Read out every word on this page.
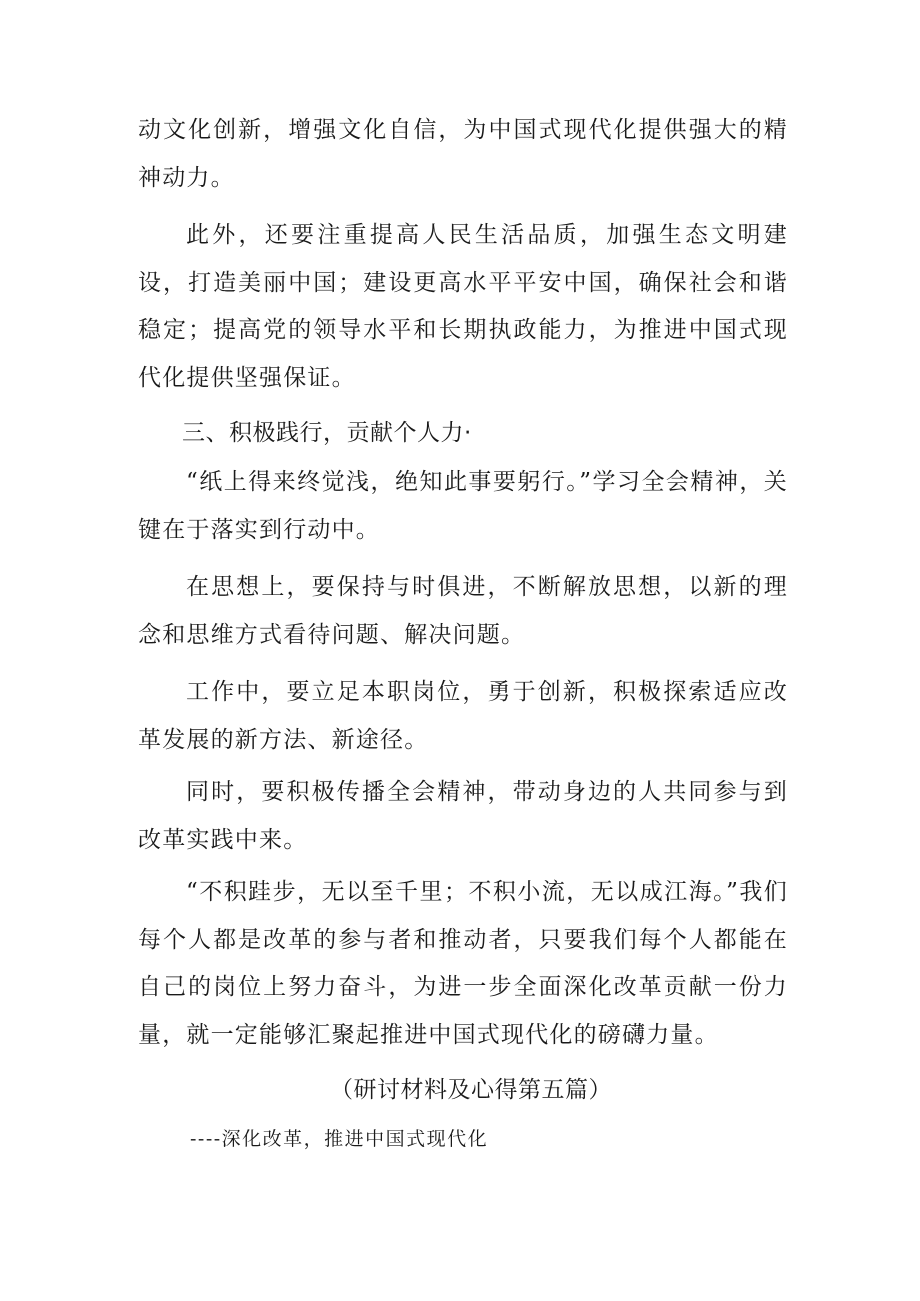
动文化创新，增强文化自信，为中国式现代化提供强大的精神动力。

此外，还要注重提高人民生活品质，加强生态文明建设，打造美丽中国；建设更高水平平安中国，确保社会和谐稳定；提高党的领导水平和长期执政能力，为推进中国式现代化提供坚强保证。

三、积极践行，贡献个人力·

“纸上得来终觉浅，绝知此事要躬行。”学习全会精神，关键在于落实到行动中。

在思想上，要保持与时俱进，不断解放思想，以新的理念和思维方式看待问题、解决问题。

工作中，要立足本职岗位，勇于创新，积极探索适应改革发展的新方法、新途径。

同时，要积极传播全会精神，带动身边的人共同参与到改革实践中来。

“不积跬步，无以至千里；不积小流，无以成江海。”我们每个人都是改革的参与者和推动者，只要我们每个人都能在自己的岗位上努力奋斗，为进一步全面深化改革贡献一份力量，就一定能够汇聚起推进中国式现代化的磅礴力量。

（研讨材料及心得第五篇）

----深化改革，推进中国式现代化
